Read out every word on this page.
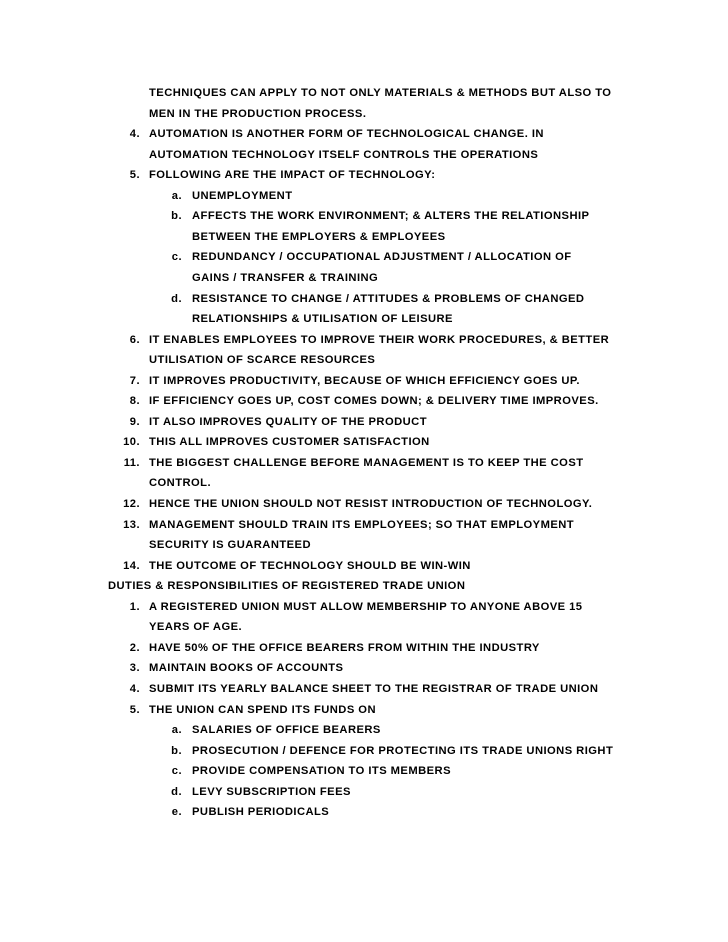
TECHNIQUES CAN APPLY TO NOT ONLY MATERIALS & METHODS BUT ALSO TO
MEN IN THE PRODUCTION PROCESS.
4. AUTOMATION IS ANOTHER FORM OF TECHNOLOGICAL CHANGE. IN
AUTOMATION TECHNOLOGY ITSELF CONTROLS THE OPERATIONS
5. FOLLOWING ARE THE IMPACT OF TECHNOLOGY:
a. UNEMPLOYMENT
b. AFFECTS THE WORK ENVIRONMENT; & ALTERS THE RELATIONSHIP
BETWEEN THE EMPLOYERS & EMPLOYEES
c. REDUNDANCY / OCCUPATIONAL ADJUSTMENT / ALLOCATION OF
GAINS / TRANSFER & TRAINING
d. RESISTANCE TO CHANGE / ATTITUDES & PROBLEMS OF CHANGED
RELATIONSHIPS & UTILISATION OF LEISURE
6. IT ENABLES EMPLOYEES TO IMPROVE THEIR WORK PROCEDURES, & BETTER
UTILISATION OF SCARCE RESOURCES
7. IT IMPROVES PRODUCTIVITY, BECAUSE OF WHICH EFFICIENCY GOES UP.
8. IF EFFICIENCY GOES UP, COST COMES DOWN; & DELIVERY TIME IMPROVES.
9. IT ALSO IMPROVES QUALITY OF THE PRODUCT
10. THIS ALL IMPROVES CUSTOMER SATISFACTION
11. THE BIGGEST CHALLENGE BEFORE MANAGEMENT IS TO KEEP THE COST
CONTROL.
12. HENCE THE UNION SHOULD NOT RESIST INTRODUCTION OF TECHNOLOGY.
13. MANAGEMENT SHOULD TRAIN ITS EMPLOYEES; SO THAT EMPLOYMENT
SECURITY IS GUARANTEED
14. THE OUTCOME OF TECHNOLOGY SHOULD BE WIN-WIN
DUTIES & RESPONSIBILITIES OF REGISTERED TRADE UNION
1. A REGISTERED UNION MUST ALLOW MEMBERSHIP TO ANYONE ABOVE 15
YEARS OF AGE.
2. HAVE 50% OF THE OFFICE BEARERS FROM WITHIN THE INDUSTRY
3. MAINTAIN BOOKS OF ACCOUNTS
4. SUBMIT ITS YEARLY BALANCE SHEET TO THE REGISTRAR OF TRADE UNION
5. THE UNION CAN SPEND ITS FUNDS ON
a. SALARIES OF OFFICE BEARERS
b. PROSECUTION / DEFENCE FOR PROTECTING ITS TRADE UNIONS RIGHT
c. PROVIDE COMPENSATION TO ITS MEMBERS
d. LEVY SUBSCRIPTION FEES
e. PUBLISH PERIODICALS
